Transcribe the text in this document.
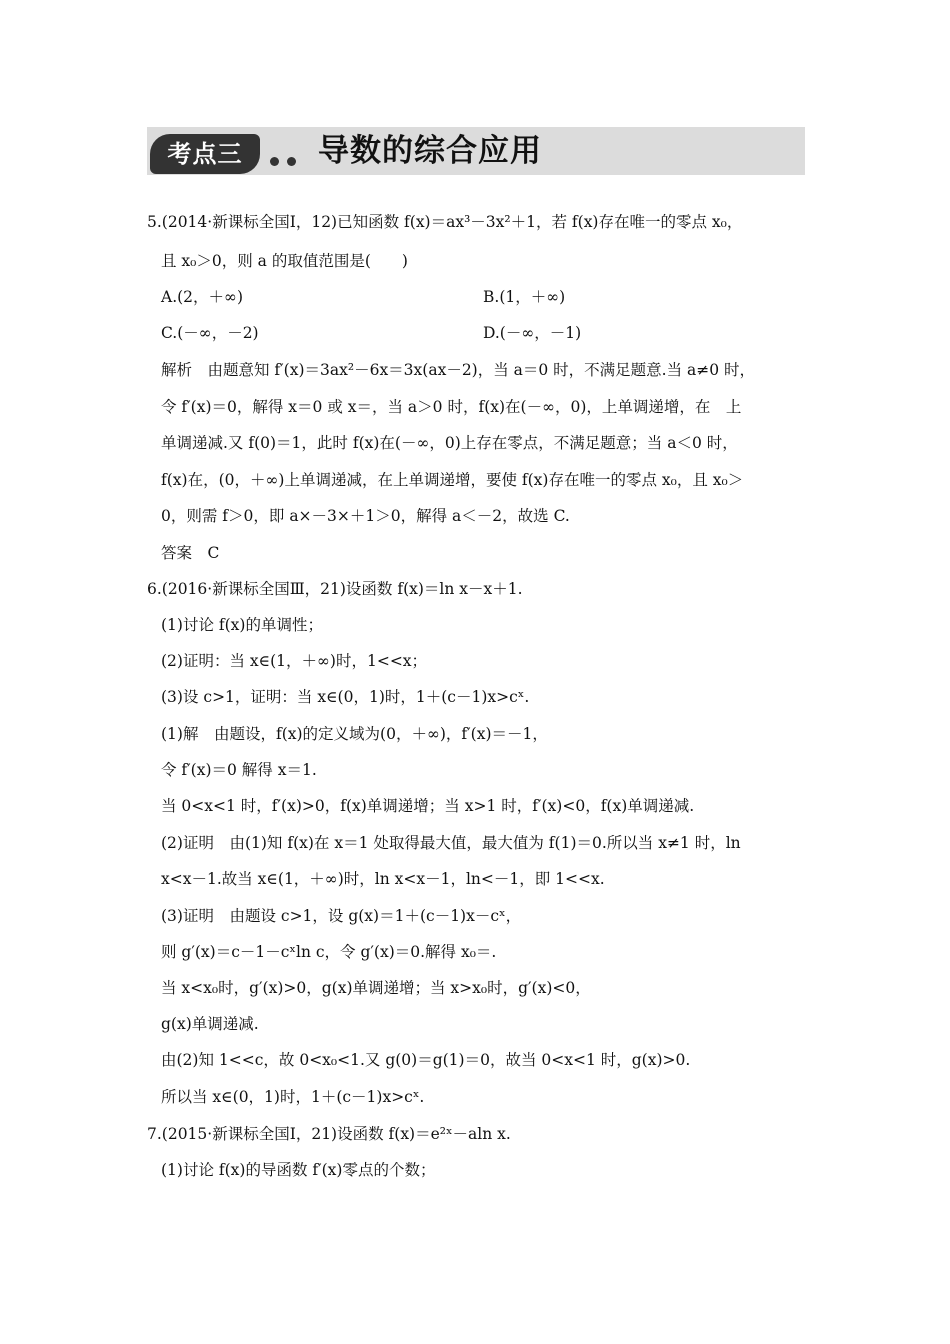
考点三	导数的综合应用
5.(2014·新课标全国Ⅰ，12)已知函数 f(x)＝ax³－3x²＋1，若 f(x)存在唯一的零点 x₀，
且 x₀＞0，则 a 的取值范围是(　　)
A.(2，＋∞)	B.(1，＋∞)
C.(－∞，－2)	D.(－∞，－1)
解析　由题意知 f′(x)＝3ax²－6x＝3x(ax－2)，当 a＝0 时，不满足题意.当 a≠0 时，
令 f′(x)＝0，解得 x＝0 或 x＝，当 a＞0 时，f(x)在(－∞，0)，上单调递增，在　上
单调递减.又 f(0)＝1，此时 f(x)在(－∞，0)上存在零点，不满足题意；当 a＜0 时，
f(x)在，(0，＋∞)上单调递减，在上单调递增，要使 f(x)存在唯一的零点 x₀，且 x₀＞
0，则需 f＞0，即 a×－3×＋1＞0，解得 a＜－2，故选 C.
答案　C
6.(2016·新课标全国Ⅲ，21)设函数 f(x)＝ln x－x＋1.
(1)讨论 f(x)的单调性；
(2)证明：当 x∈(1，＋∞)时，1<<x；
(3)设 c>1，证明：当 x∈(0，1)时，1＋(c－1)x>cˣ.
(1)解　由题设，f(x)的定义域为(0，＋∞)，f′(x)＝－1，
令 f′(x)＝0 解得 x＝1.
当 0<x<1 时，f′(x)>0，f(x)单调递增；当 x>1 时，f′(x)<0，f(x)单调递减.
(2)证明　由(1)知 f(x)在 x＝1 处取得最大值，最大值为 f(1)＝0.所以当 x≠1 时，ln
x<x－1.故当 x∈(1，＋∞)时，ln x<x－1，ln<－1，即 1<<x.
(3)证明　由题设 c>1，设 g(x)＝1＋(c－1)x－cˣ，
则 g′(x)＝c－1－cˣln c，令 g′(x)＝0.解得 x₀＝.
当 x<x₀时，g′(x)>0，g(x)单调递增；当 x>x₀时，g′(x)<0，
g(x)单调递减.
由(2)知 1<<c，故 0<x₀<1.又 g(0)＝g(1)＝0，故当 0<x<1 时，g(x)>0.
所以当 x∈(0，1)时，1＋(c－1)x>cˣ.
7.(2015·新课标全国Ⅰ，21)设函数 f(x)＝e²ˣ－aln x.
(1)讨论 f(x)的导函数 f′(x)零点的个数；
